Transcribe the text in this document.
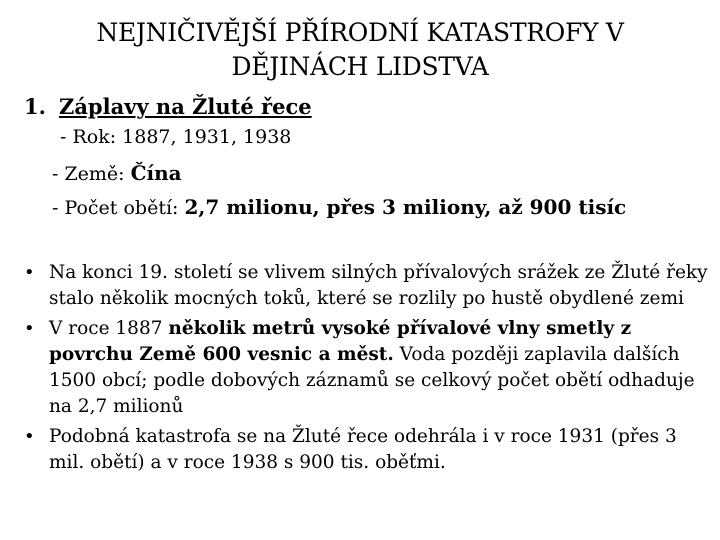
NEJNIČIVĚJŠÍ PŘÍRODNÍ KATASTROFY V
DĚJINÁCH LIDSTVA
1. Záplavy na Žluté řece
- Rok: 1887, 1931, 1938
- Země: Čína
- Počet obětí: 2,7 milionu, přes 3 miliony, až 900 tisíc
• Na konci 19. století se vlivem silných přívalových srážek ze Žluté řeky stalo několik mocných toků, které se rozlily po hustě obydlené zemi
• V roce 1887 několik metrů vysoké přívalové vlny smetly z povrchu Země 600 vesnic a měst. Voda později zaplavila dalších 1500 obcí; podle dobových záznamů se celkový počet obětí odhaduje na 2,7 milionů
• Podobná katastrofa se na Žluté řece odehrála i v roce 1931 (přes 3 mil. obětí) a v roce 1938 s 900 tis. oběťmi.
